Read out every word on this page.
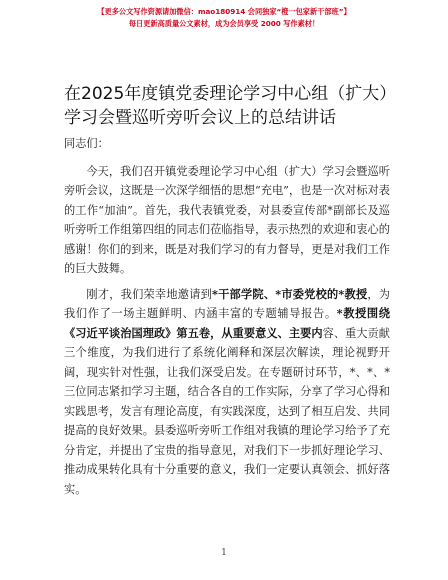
【更多公文写作资源请加微信：mao180914 会同独家“橙一包家新干部班”】
每日更新高质量公文素材，成为会员享受 2000 写作素材！
在2025年度镇党委理论学习中心组（扩大）学习会暨巡听旁听会议上的总结讲话

同志们：

今天，我们召开镇党委理论学习中心组（扩大）学习会暨巡听旁听会议，这既是一次深学细悟的思想“充电”，也是一次对标对表的工作“加油”。首先，我代表镇党委，对县委宣传部*副部长及巡听旁听工作组第四组的同志们莅临指导，表示热烈的欢迎和衷心的感谢！你们的到来，既是对我们学习的有力督导，更是对我们工作的巨大鼓舞。

刚才，我们荣幸地邀请到*干部学院、*市委党校的*教授，为我们作了一场主题鲜明、内涵丰富的专题辅导报告。*教授围绕《习近平谈治国理政》第五卷，从重要意义、主要内容、重大贡献三个维度，为我们进行了系统化阐释和深层次解读，理论视野开阔，现实针对性强，让我们深受启发。在专题研讨环节，*、*、*三位同志紧扣学习主题，结合各自的工作实际，分享了学习心得和实践思考，发言有理论高度，有实践深度，达到了相互启发、共同提高的良好效果。县委巡听旁听工作组对我镇的理论学习给予了充分肯定，并提出了宝贵的指导意见，对我们下一步抓好理论学习、推动成果转化具有十分重要的意义，我们一定要认真领会、抓好落实。

1
